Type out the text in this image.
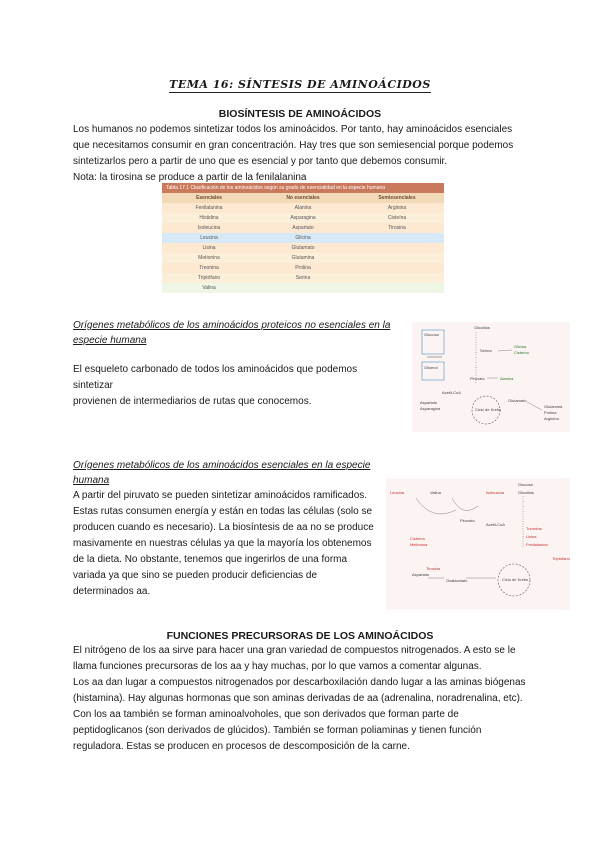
TEMA 16: SÍNTESIS DE AMINOÁCIDOS
BIOSÍNTESIS DE AMINOÁCIDOS

Los humanos no podemos sintetizar todos los aminoácidos. Por tanto, hay aminoácidos esenciales

que necesitamos consumir en gran concentración. Hay tres que son semiesencial porque podemos

sintetizarlos pero a partir de uno que es esencial y por tanto que debemos consumir.

Nota: la tirosina se produce a partir de la fenilalanina

Tabla 17.1 Clasificación de los aminoácidos según su grado de esencialidad en la especie humana
Esenciales	No esenciales	Semiesenciales
Fenilalanina	Alanina	Arginina
Histidina	Asparagina	Cisteína
Isoleucina	Aspartato	Tirosina
Leucina	Glicina
Lisina	Glutamato
Metionina	Glutamina
Treonina	Prolina
Triptófano	Serina
Valina
Orígenes metabólicos de los aminoácidos proteicos no esenciales en la
especie humana

El esqueleto carbonado de todos los aminoácidos que podemos sintetizar

provienen de intermediarios de rutas que conocemos.

Glucosa
Glicerol
Glicolisis
Serina
Glicina
Cisteína
Piruvato	Alanina
Acetil-CoA
Aspartato
Asparagina	Ciclo de Krebs
Glutamato
Glutamina
Prolina
Arginina
Orígenes metabólicos de los aminoácidos esenciales en la especie
humana

A partir del piruvato se pueden sintetizar aminoácidos ramificados.

Estas rutas consumen energía y están en todas las células (solo se

producen cuando es necesario). La biosíntesis de aa no se produce

masivamente en nuestras células ya que la mayoría los obtenemos

de la dieta. No obstante, tenemos que ingerirlos de una forma

variada ya que sino se pueden producir deficiencias de

determinados aa.

Glucosa
Glicolisis
Leucina	Valina	Isoleucina
Piruvato
Acetil-CoA
Cisteína
Metionina
Treonina
Lisina
Fenilalanina
Triptófano
Tirosina
Aspartato
Oxalacetato	Ciclo de Krebs
FUNCIONES PRECURSORAS DE LOS AMINOÁCIDOS

El nitrógeno de los aa sirve para hacer una gran variedad de compuestos nitrogenados. A esto se le

llama funciones precursoras de los aa y hay muchas, por lo que vamos a comentar algunas.

Los aa dan lugar a compuestos nitrogenados por descarboxilación dando lugar a las aminas biógenas

(histamina). Hay algunas hormonas que son aminas derivadas de aa (adrenalina, noradrenalina, etc).

Con los aa también se forman aminoalvoholes, que son derivados que forman parte de

peptidoglicanos (son derivados de glúcidos). También se forman poliaminas y tienen función

reguladora. Estas se producen en procesos de descomposición de la carne.
